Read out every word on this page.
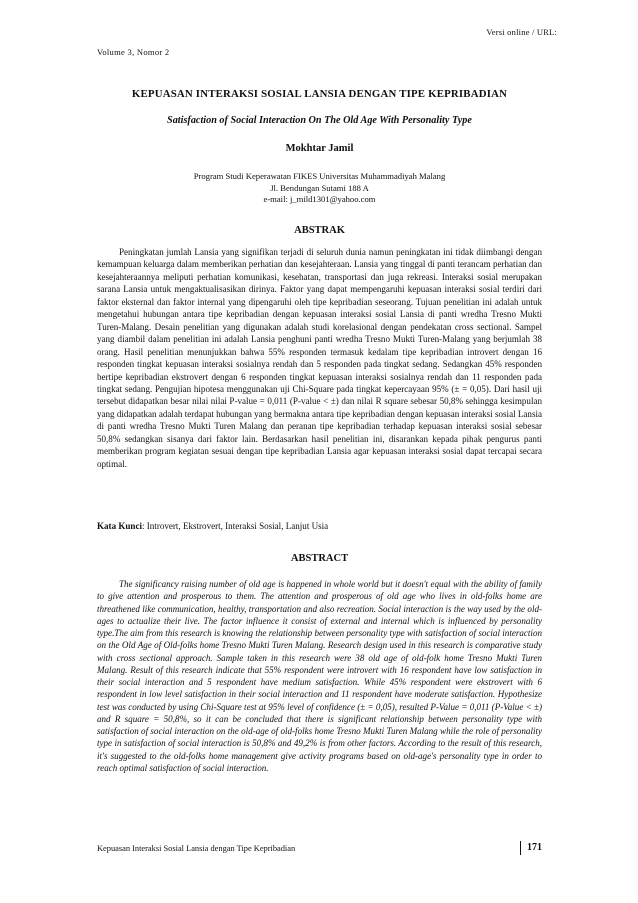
Versi online / URL:
Volume 3, Nomor 2
KEPUASAN INTERAKSI SOSIAL LANSIA DENGAN TIPE KEPRIBADIAN
Satisfaction of Social Interaction On The Old Age With Personality Type
Mokhtar Jamil
Program Studi Keperawatan FIKES Universitas Muhammadiyah Malang
Jl. Bendungan Sutami 188 A
e-mail: j_mild1301@yahoo.com
ABSTRAK
Peningkatan jumlah Lansia yang signifikan terjadi di seluruh dunia namun peningkatan ini tidak diimbangi dengan kemampuan keluarga dalam memberikan perhatian dan kesejahteraan. Lansia yang tinggal di panti terancam perhatian dan kesejahteraannya meliputi perhatian komunikasi, kesehatan, transportasi dan juga rekreasi. Interaksi sosial merupakan sarana Lansia untuk mengaktualisasikan dirinya. Faktor yang dapat mempengaruhi kepuasan interaksi sosial terdiri dari faktor eksternal dan faktor internal yang dipengaruhi oleh tipe kepribadian seseorang. Tujuan penelitian ini adalah untuk mengetahui hubungan antara tipe kepribadian dengan kepuasan interaksi sosial Lansia di panti wredha Tresno Mukti Turen-Malang. Desain penelitian yang digunakan adalah studi korelasional dengan pendekatan cross sectional. Sampel yang diambil dalam penelitian ini adalah Lansia penghuni panti wredha Tresno Mukti Turen-Malang yang berjumlah 38 orang. Hasil penelitian menunjukkan bahwa 55% responden termasuk kedalam tipe kepribadian introvert dengan 16 responden tingkat kepuasan interaksi sosialnya rendah dan 5 responden pada tingkat sedang. Sedangkan 45% responden bertipe kepribadian ekstrovert dengan 6 responden tingkat kepuasan interaksi sosialnya rendah dan 11 responden pada tingkat sedang. Pengujian hipotesa menggunakan uji Chi-Square pada tingkat kepercayaan 95% (± = 0,05). Dari hasil uji tersebut didapatkan besar nilai nilai P-value = 0,011 (P-value < ±) dan nilai R square sebesar 50,8% sehingga kesimpulan yang didapatkan adalah terdapat hubungan yang bermakna antara tipe kepribadian dengan kepuasan interaksi sosial Lansia di panti wredha Tresno Mukti Turen Malang dan peranan tipe kepribadian terhadap kepuasan interaksi sosial sebesar 50,8% sedangkan sisanya dari faktor lain. Berdasarkan hasil penelitian ini, disarankan kepada pihak pengurus panti memberikan program kegiatan sesuai dengan tipe kepribadian Lansia agar kepuasan interaksi sosial dapat tercapai secara optimal.
Kata Kunci: Introvert, Ekstrovert, Interaksi Sosial, Lanjut Usia
ABSTRACT
The significancy raising number of old age is happened in whole world but it doesn't equal with the ability of family to give attention and prosperous to them. The attention and prosperous of old age who lives in old-folks home are threathened like communication, healthy, transportation and also recreation. Social interaction is the way used by the old-ages to actualize their live. The factor influence it consist of external and internal which is influenced by personality type.The aim from this research is knowing the relationship between personality type with satisfaction of social interaction on the Old Age of Old-folks home Tresno Mukti Turen Malang. Research design used in this research is comparative study with cross sectional approach. Sample taken in this research were 38 old age of old-folk home Tresno Mukti Turen Malang. Result of this research indicate that 55% respondent were introvert with 16 respondent have low satisfaction in their social interaction and 5 respondent have medium satisfaction. While 45% respondent were ekstrovert with 6 respondent in low level satisfaction in their social interaction and 11 respondent have moderate satisfaction. Hypothesize test was conducted by using Chi-Square test at 95% level of confidence (± = 0,05), resulted P-Value = 0,011 (P-Value < ±) and R square = 50,8%, so it can be concluded that there is significant relationship between personality type with satisfaction of social interaction on the old-age of old-folks home Tresno Mukti Turen Malang while the role of personality type in satisfaction of social interaction is 50,8% and 49,2% is from other factors. According to the result of this research, it's suggested to the old-folks home management give activity programs based on old-age's personality type in order to reach optimal satisfaction of social interaction.
Kepuasan Interaksi Sosial Lansia dengan Tipe Kepribadian	171
